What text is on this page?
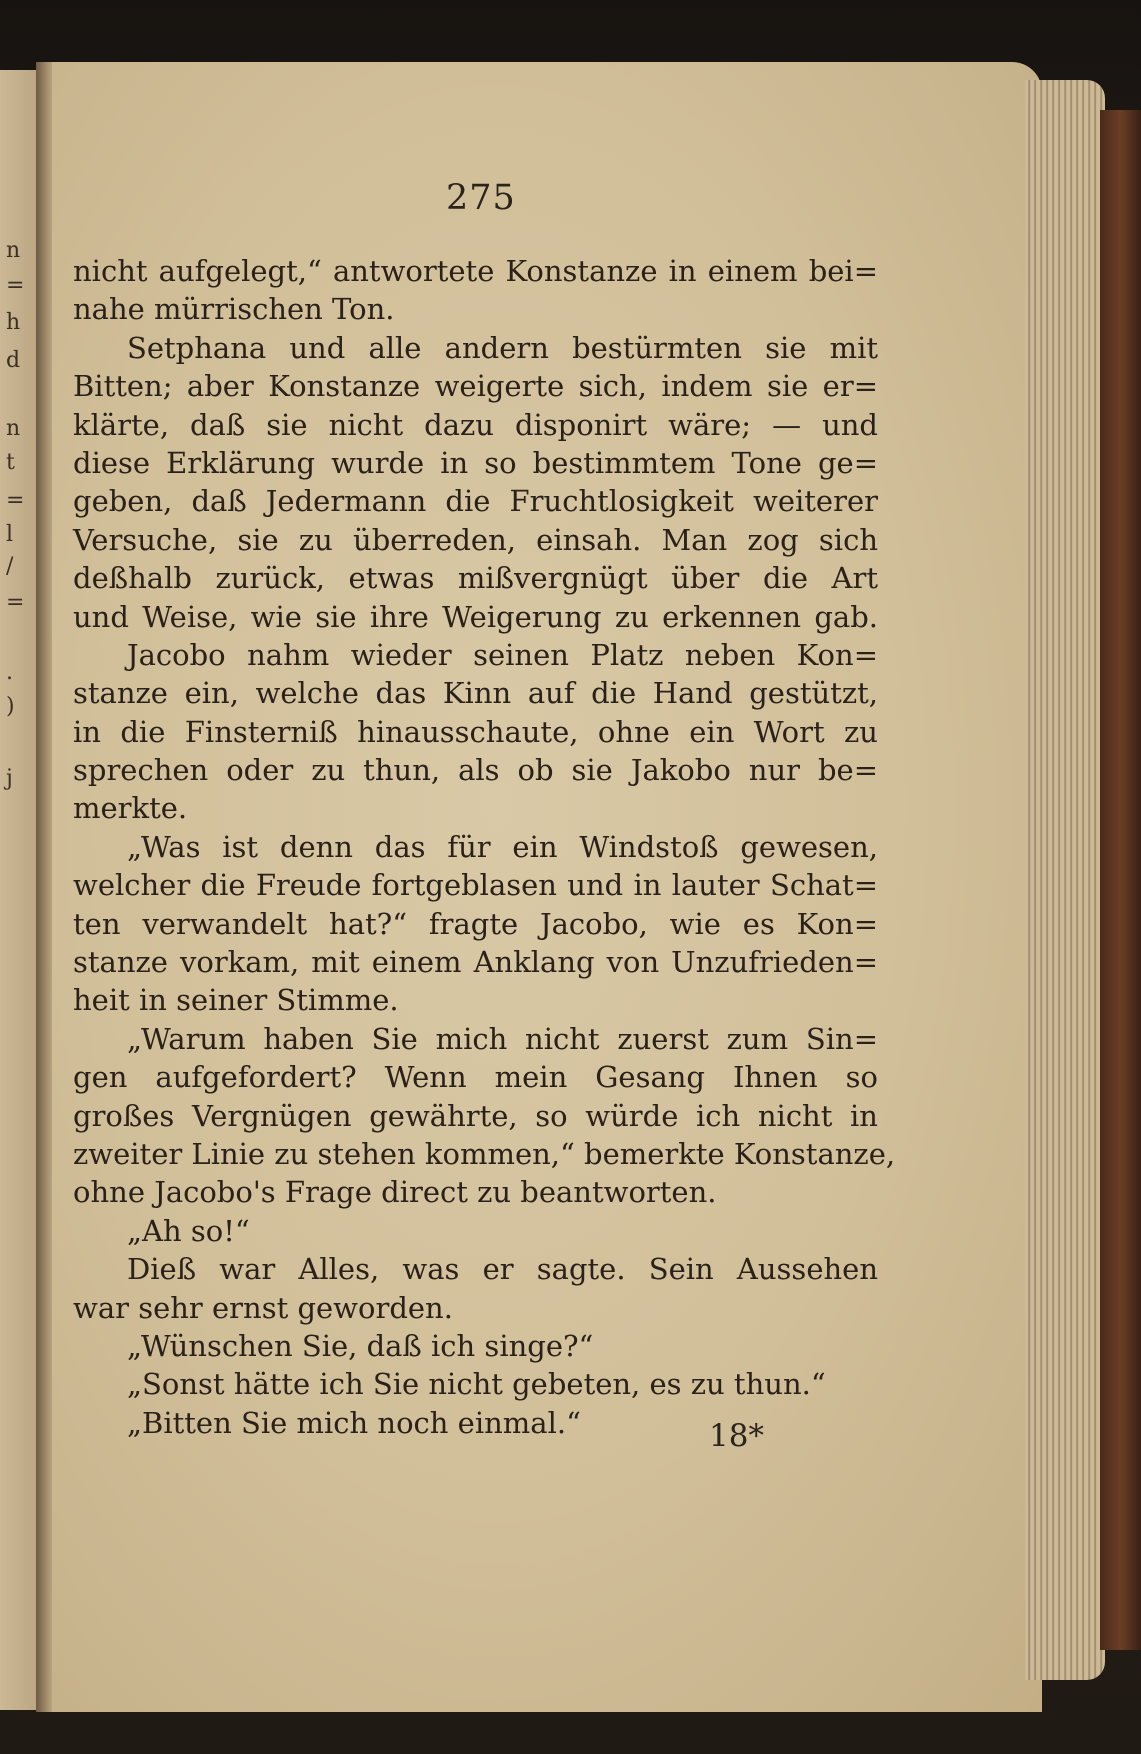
n
=
h
d
n
t
=
l
/
=
.
)
j
275
nicht aufgelegt,“ antwortete Konstanze in einem bei=
nahe mürrischen Ton.
Setphana und alle andern bestürmten sie mit
Bitten; aber Konstanze weigerte sich, indem sie er=
klärte, daß sie nicht dazu disponirt wäre; — und
diese Erklärung wurde in so bestimmtem Tone ge=
geben, daß Jedermann die Fruchtlosigkeit weiterer
Versuche, sie zu überreden, einsah. Man zog sich
deßhalb zurück, etwas mißvergnügt über die Art
und Weise, wie sie ihre Weigerung zu erkennen gab.
Jacobo nahm wieder seinen Platz neben Kon=
stanze ein, welche das Kinn auf die Hand gestützt,
in die Finsterniß hinausschaute, ohne ein Wort zu
sprechen oder zu thun, als ob sie Jakobo nur be=
merkte.
„Was ist denn das für ein Windstoß gewesen,
welcher die Freude fortgeblasen und in lauter Schat=
ten verwandelt hat?“ fragte Jacobo, wie es Kon=
stanze vorkam, mit einem Anklang von Unzufrieden=
heit in seiner Stimme.
„Warum haben Sie mich nicht zuerst zum Sin=
gen aufgefordert? Wenn mein Gesang Ihnen so
großes Vergnügen gewährte, so würde ich nicht in
zweiter Linie zu stehen kommen,“ bemerkte Konstanze,
ohne Jacobo's Frage direct zu beantworten.
„Ah so!“
Dieß war Alles, was er sagte. Sein Aussehen
war sehr ernst geworden.
„Wünschen Sie, daß ich singe?“
„Sonst hätte ich Sie nicht gebeten, es zu thun.“
„Bitten Sie mich noch einmal.“	18*
